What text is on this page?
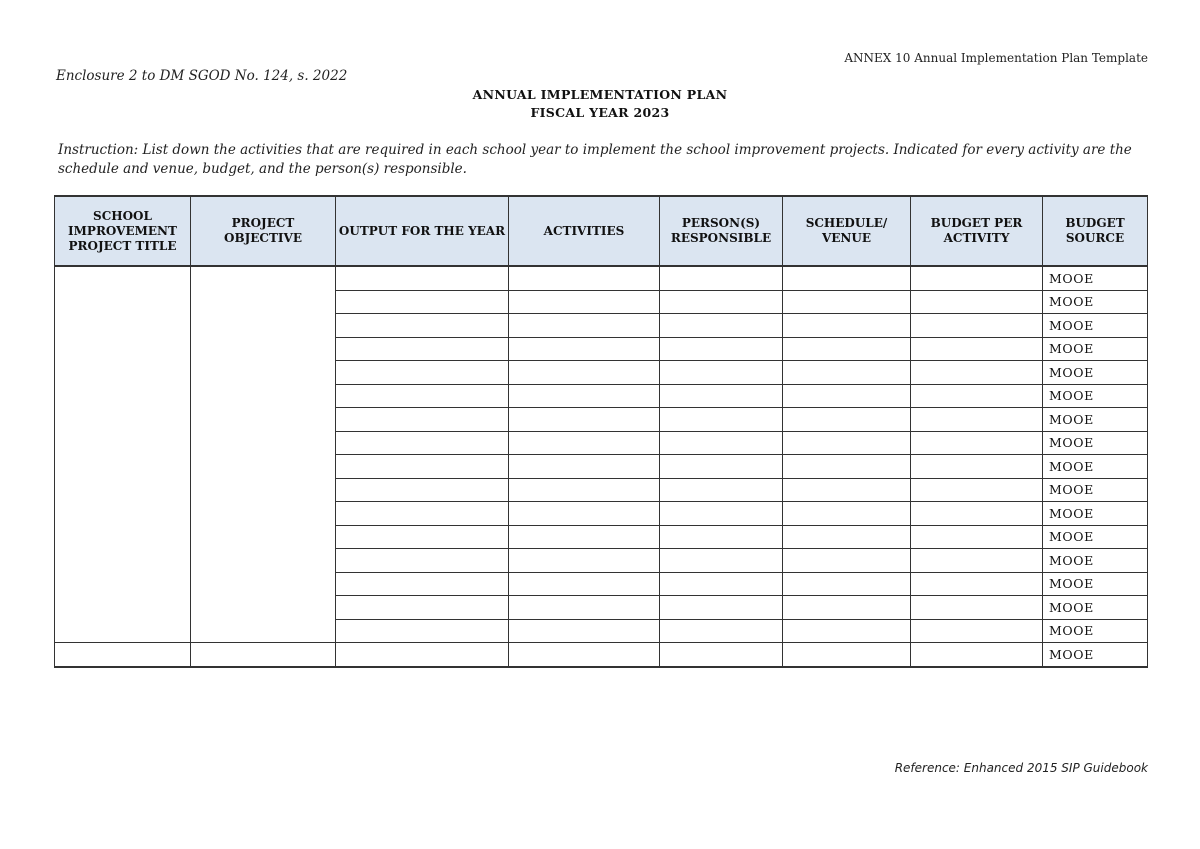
ANNEX 10 Annual Implementation Plan Template
Enclosure 2 to DM SGOD No. 124, s. 2022
ANNUAL IMPLEMENTATION PLAN
FISCAL YEAR 2023
Instruction: List down the activities that are required in each school year to implement the school improvement projects. Indicated for every activity are the schedule and venue, budget, and the person(s) responsible.
SCHOOL IMPROVEMENT PROJECT TITLE	PROJECT OBJECTIVE	OUTPUT FOR THE YEAR	ACTIVITIES	PERSON(S) RESPONSIBLE	SCHEDULE/ VENUE	BUDGET PER ACTIVITY	BUDGET SOURCE
							MOOE
							MOOE
							MOOE
							MOOE
							MOOE
							MOOE
							MOOE
							MOOE
							MOOE
							MOOE
							MOOE
							MOOE
							MOOE
							MOOE
							MOOE
							MOOE
							MOOE
Reference: Enhanced 2015 SIP Guidebook
